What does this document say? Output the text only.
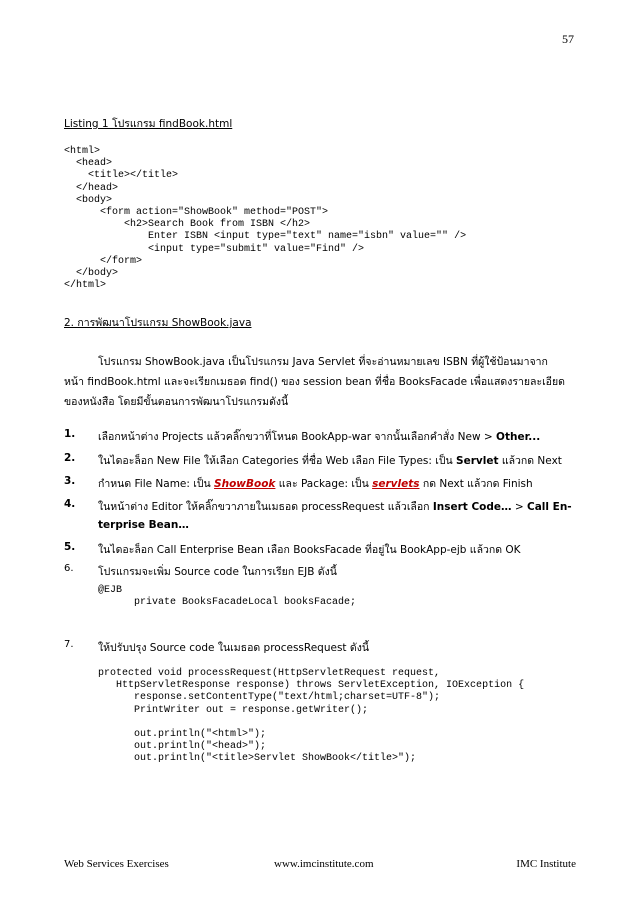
57
Listing 1 โปรแกรม findBook.html
<html>
<head>
<title></title>
</head>
<body>
<form action="ShowBook" method="POST">
<h2>Search Book from ISBN </h2>
Enter ISBN <input type="text" name="isbn" value="" />
<input type="submit" value="Find" />
</form>
</body>
</html>
2. การพัฒนาโปรแกรม ShowBook.java
โปรแกรม ShowBook.java เป็นโปรแกรม Java Servlet ที่จะอ่านหมายเลข ISBN ที่ผู้ใช้ป้อนมาจาก
หน้า findBook.html และจะเรียกเมธอด find() ของ session bean ที่ชื่อ BooksFacade เพื่อแสดงรายละเอียด
ของหนังสือ โดยมีขั้นตอนการพัฒนาโปรแกรมดังนี้
1. เลือกหน้าต่าง Projects แล้วคลิ๊กขวาที่โหนด BookApp-war จากนั้นเลือกคำสั่ง New > Other...
2. ในไดอะล็อก New File ให้เลือก Categories ที่ชื่อ Web เลือก File Types: เป็น Servlet แล้วกด Next
3. กำหนด File Name: เป็น ShowBook และ Package: เป็น servlets กด Next แล้วกด Finish
4. ในหน้าต่าง Editor ให้คลิ๊กขวาภายในเมธอด processRequest แล้วเลือก Insert Code… > Call En-
terprise Bean…
5. ในไดอะล็อก Call Enterprise Bean เลือก BooksFacade ที่อยู่ใน BookApp-ejb แล้วกด OK
6. โปรแกรมจะเพิ่ม Source code ในการเรียก EJB ดังนี้
7. ให้ปรับปรุง Source code ในเมธอด processRequest ดังนี้
@EJB
private BooksFacadeLocal booksFacade;
protected void processRequest(HttpServletRequest request,
HttpServletResponse response) throws ServletException, IOException {
response.setContentType("text/html;charset=UTF-8");
PrintWriter out = response.getWriter();

out.println("<html>");
out.println("<head>");
out.println("<title>Servlet ShowBook</title>");
Web Services Exercises	www.imcinstitute.com	IMC Institute
